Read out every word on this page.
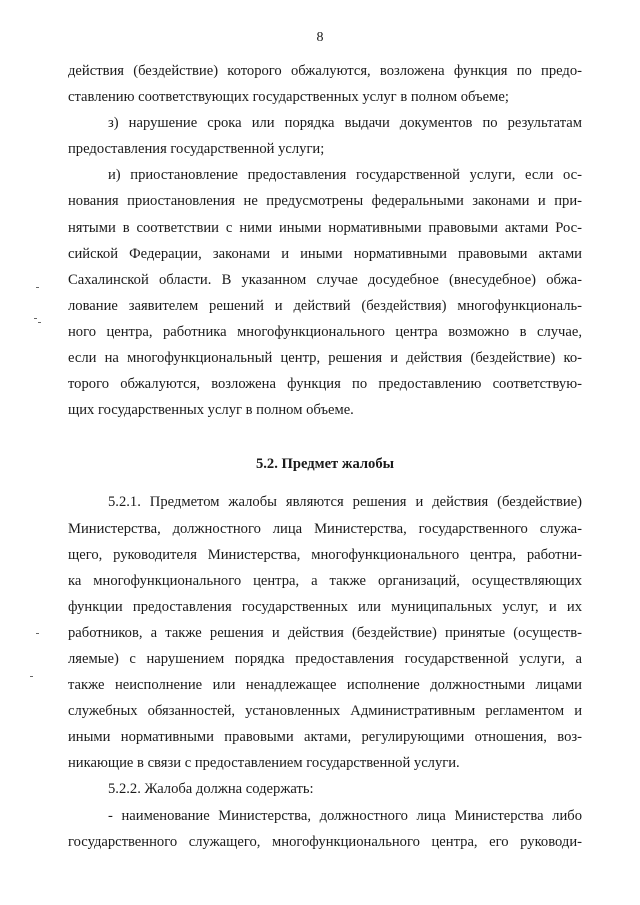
8

действия (бездействие) которого обжалуются, возложена функция по предо-
ставлению соответствующих государственных услуг в полном объеме;

з) нарушение срока или порядка выдачи документов по результатам
предоставления государственной услуги;

и) приостановление предоставления государственной услуги, если ос-
нования приостановления не предусмотрены федеральными законами и при-
нятыми в соответствии с ними иными нормативными правовыми актами Рос-
сийской Федерации, законами и иными нормативными правовыми актами
Сахалинской области. В указанном случае досудебное (внесудебное) обжа-
лование заявителем решений и действий (бездействия) многофункциональ-
ного центра, работника многофункционального центра возможно в случае,
если на многофункциональный центр, решения и действия (бездействие) ко-
торого обжалуются, возложена функция по предоставлению соответствую-
щих государственных услуг в полном объеме.

5.2. Предмет жалобы

5.2.1. Предметом жалобы являются решения и действия (бездействие)
Министерства, должностного лица Министерства, государственного служа-
щего, руководителя Министерства, многофункционального центра, работни-
ка многофункционального центра, а также организаций, осуществляющих
функции предоставления государственных или муниципальных услуг, и их
работников, а также решения и действия (бездействие) принятые (осуществ-
ляемые) с нарушением порядка предоставления государственной услуги, а
также неисполнение или ненадлежащее исполнение должностными лицами
служебных обязанностей, установленных Административным регламентом и
иными нормативными правовыми актами, регулирующими отношения, воз-
никающие в связи с предоставлением государственной услуги.

5.2.2. Жалоба должна содержать:

- наименование Министерства, должностного лица Министерства либо
государственного служащего, многофункционального центра, его руководи-
